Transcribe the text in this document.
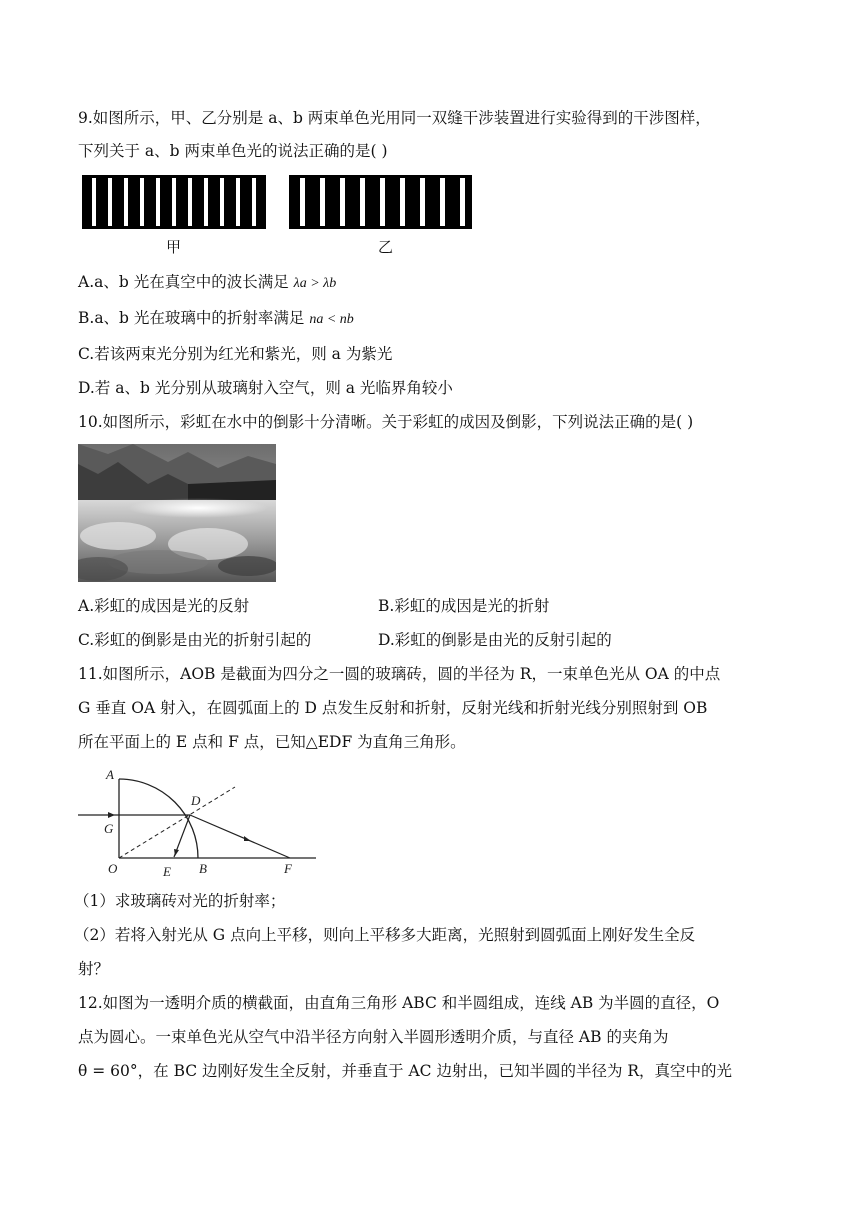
9.如图所示，甲、乙分别是 a、b 两束单色光用同一双缝干涉装置进行实验得到的干涉图样，
下列关于 a、b 两束单色光的说法正确的是( )
甲	乙
A.a、b 光在真空中的波长满足 λa > λb
B.a、b 光在玻璃中的折射率满足 na < nb
C.若该两束光分别为红光和紫光，则 a 为紫光
D.若 a、b 光分别从玻璃射入空气，则 a 光临界角较小
10.如图所示，彩虹在水中的倒影十分清晰。关于彩虹的成因及倒影，下列说法正确的是( )
A.彩虹的成因是光的反射	B.彩虹的成因是光的折射
C.彩虹的倒影是由光的折射引起的	D.彩虹的倒影是由光的反射引起的
11.如图所示，AOB 是截面为四分之一圆的玻璃砖，圆的半径为 R，一束单色光从 OA 的中点
G 垂直 OA 射入，在圆弧面上的 D 点发生反射和折射，反射光线和折射光线分别照射到 OB
所在平面上的 E 点和 F 点，已知△EDF 为直角三角形。
A
G
O	E B
D
F
（1）求玻璃砖对光的折射率；
（2）若将入射光从 G 点向上平移，则向上平移多大距离，光照射到圆弧面上刚好发生全反
射？
12.如图为一透明介质的横截面，由直角三角形 ABC 和半圆组成，连线 AB 为半圆的直径，O
点为圆心。一束单色光从空气中沿半径方向射入半圆形透明介质，与直径 AB 的夹角为
θ = 60°，在 BC 边刚好发生全反射，并垂直于 AC 边射出，已知半圆的半径为 R，真空中的光
